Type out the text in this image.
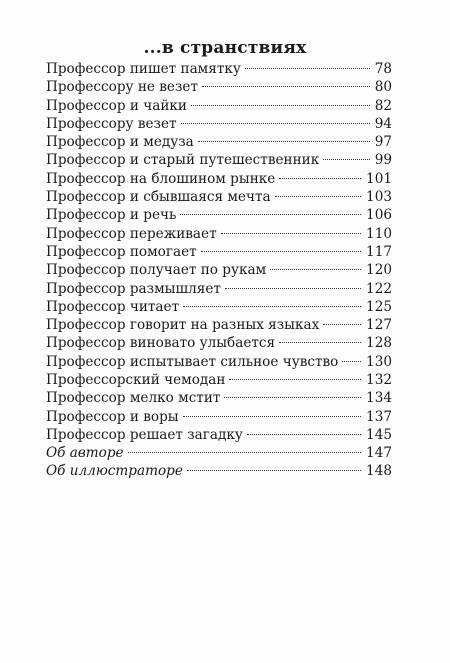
...в странствиях
Профессор пишет памятку	78
Профессору не везет	80
Профессор и чайки	82
Профессору везет	94
Профессор и медуза	97
Профессор и старый путешественник	99
Профессор на блошином рынке	101
Профессор и сбывшаяся мечта	103
Профессор и речь	106
Профессор переживает	110
Профессор помогает	117
Профессор получает по рукам	120
Профессор размышляет	122
Профессор читает	125
Профессор говорит на разных языках	127
Профессор виновато улыбается	128
Профессор испытывает сильное чувство 130
Профессорский чемодан	132
Профессор мелко мстит	134
Профессор и воры	137
Профессор решает загадку	145
Об авторе	147
Об иллюстраторе	148
